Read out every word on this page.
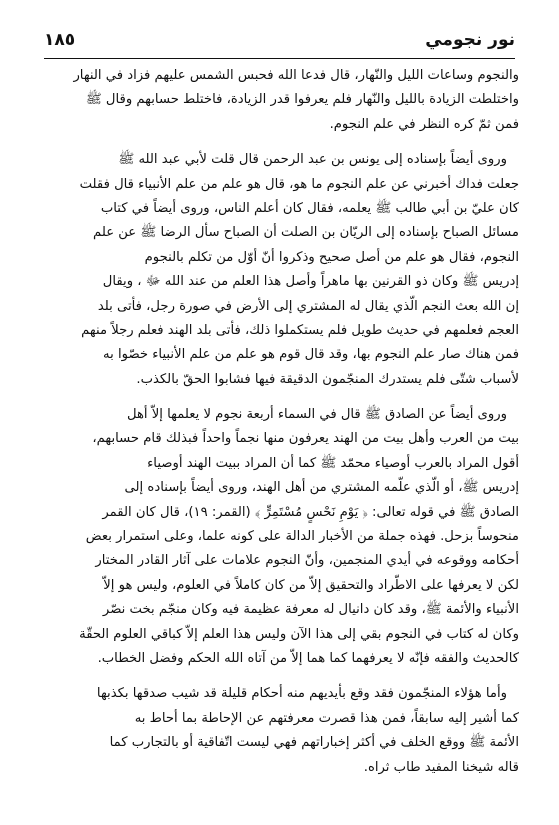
نور نجومي
١٨٥

والنجوم وساعات الليل والنّهار، قال فدعا الله فحبس الشمس عليهم فزاد في النهار
واختلطت الزيادة بالليل والنّهار فلم يعرفوا قدر الزيادة، فاختلط حسابهم وقال ﷺ
فمن ثمّ كره النظر في علم النجوم.

وروى أيضاً بإسناده إلى يونس بن عبد الرحمن قال قلت لأبي عبد الله ﷺ
جعلت فداك أخبرني عن علم النجوم ما هو، قال هو علم من علم الأنبياء قال فقلت
كان عليّ بن أبي طالب ﷺ يعلمه، فقال كان أعلم الناس، وروى أيضاً في كتاب
مسائل الصباح بإسناده إلى الريّان بن الصلت أن الصباح سأل الرضا ﷺ عن علم
النجوم، فقال هو علم من أصل صحيح وذكروا أنّ أوّل من تكلم بالنجوم
إدريس ﷺ وكان ذو القرنين بها ماهراً وأصل هذا العلم من عند الله ﷻ ، ويقال
إن الله بعث النجم الّذي يقال له المشتري إلى الأرض في صورة رجل، فأتى بلد
العجم فعلمهم في حديث طويل فلم يستكملوا ذلك، فأتى بلد الهند فعلم رجلاً منهم
فمن هناك صار علم النجوم بها، وقد قال قوم هو علم من علم الأنبياء خصّوا به
لأسباب شتّى فلم يستدرك المنجّمون الدقيقة فيها فشابوا الحقّ بالكذب.

وروى أيضاً عن الصادق ﷺ قال في السماء أربعة نجوم لا يعلمها إلاّ أهل
بيت من العرب وأهل بيت من الهند يعرفون منها نجماً واحداً فبذلك قام حسابهم،
أقول المراد بالعرب أوصياء محمّد ﷺ كما أن المراد ببيت الهند أوصياء
إدريس ﷺ، أو الّذي علّمه المشتري من أهل الهند، وروى أيضاً بإسناده إلى
الصادق ﷺ في قوله تعالى: ﴿ يَوْمِ نَحْسٍ مُسْتَمِرٍّ ﴾ (القمر: ١٩)، قال كان القمر
منحوساً بزحل. فهذه جملة من الأخبار الدالة على كونه علما، وعلى استمرار بعض
أحكامه ووقوعه في أيدي المنجمين، وأنّ النجوم علامات على آثار القادر المختار
لكن لا يعرفها على الاطّراد والتحقيق إلاّ من كان كاملاً في العلوم، وليس هو إلاّ
الأنبياء والأئمة ﷺ، وقد كان دانيال له معرفة عظيمة فيه وكان منجّم بخت نصّر
وكان له كتاب في النجوم بقي إلى هذا الآن وليس هذا العلم إلاّ كباقي العلوم الحقّة
كالحديث والفقه فإنّه لا يعرفهما كما هما إلاّ من آتاه الله الحكم وفضل الخطاب.

وأما هؤلاء المنجّمون فقد وقع بأيديهم منه أحكام قليلة قد شيب صدقها بكذبها
كما أشير إليه سابقاً، فمن هذا قصرت معرفتهم عن الإحاطة بما أحاط به
الأئمة ﷺ ووقع الخلف في أكثر إخباراتهم فهي ليست اتّفاقية أو بالتجارب كما
قاله شيخنا المفيد طاب ثراه.
